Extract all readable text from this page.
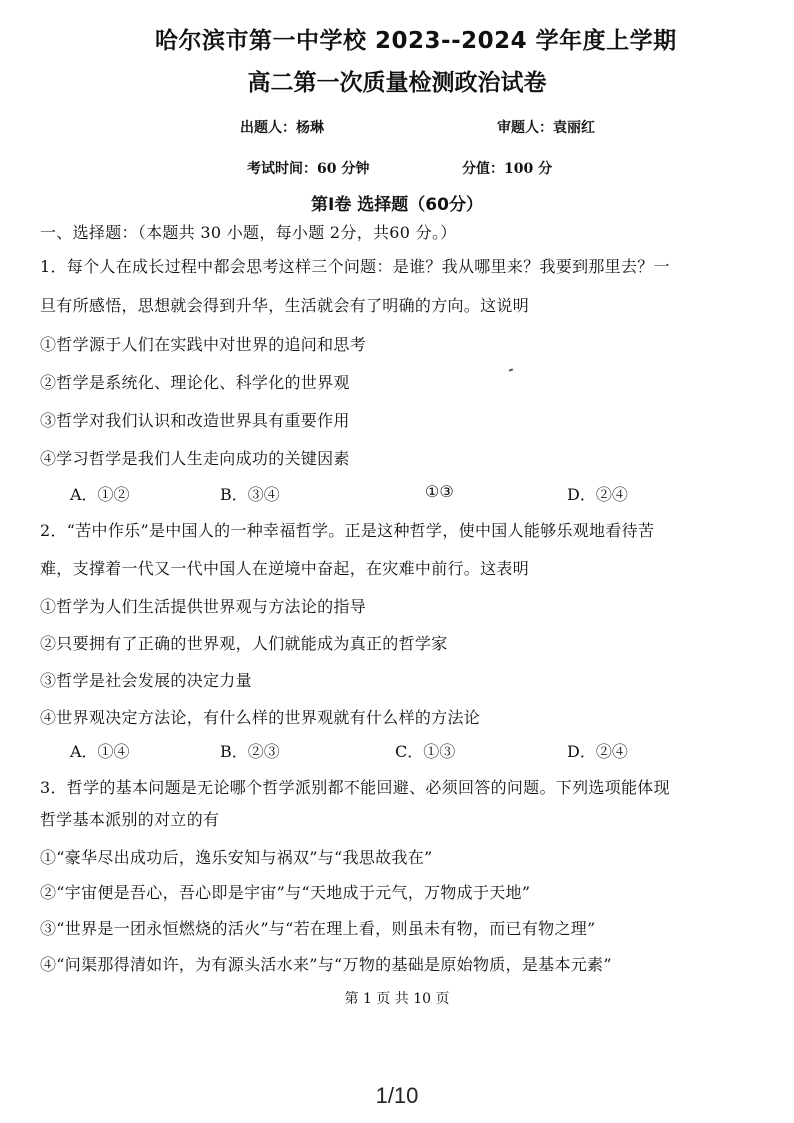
哈尔滨市第一中学校 2023--2024 学年度上学期
高二第一次质量检测政治试卷
出题人：杨琳	审题人：袁丽红
考试时间：60 分钟	分值：100 分
第Ⅰ卷 选择题（60分）
一、选择题：（本题共 30 小题，每小题 2分，共60 分。）
1．每个人在成长过程中都会思考这样三个问题：是谁？我从哪里来？我要到那里去？一
旦有所感悟，思想就会得到升华，生活就会有了明确的方向。这说明
①哲学源于人们在实践中对世界的追问和思考
②哲学是系统化、理论化、科学化的世界观
③哲学对我们认识和改造世界具有重要作用
④学习哲学是我们人生走向成功的关键因素
A．①②	B．③④	①③	D．②④
2．“苦中作乐”是中国人的一种幸福哲学。正是这种哲学，使中国人能够乐观地看待苦
难，支撑着一代又一代中国人在逆境中奋起，在灾难中前行。这表明
①哲学为人们生活提供世界观与方法论的指导
②只要拥有了正确的世界观，人们就能成为真正的哲学家
③哲学是社会发展的决定力量
④世界观决定方法论，有什么样的世界观就有什么样的方法论
A．①④	B．②③	C．①③	D．②④
3．哲学的基本问题是无论哪个哲学派别都不能回避、必须回答的问题。下列选项能体现
哲学基本派别的对立的有
①“豪华尽出成功后，逸乐安知与祸双”与“我思故我在”
②“宇宙便是吾心，吾心即是宇宙”与“天地成于元气，万物成于天地”
③“世界是一团永恒燃烧的活火”与“若在理上看，则虽未有物，而已有物之理”
④“问渠那得清如许，为有源头活水来”与“万物的基础是原始物质，是基本元素”
第 1 页 共 10 页
1/10
